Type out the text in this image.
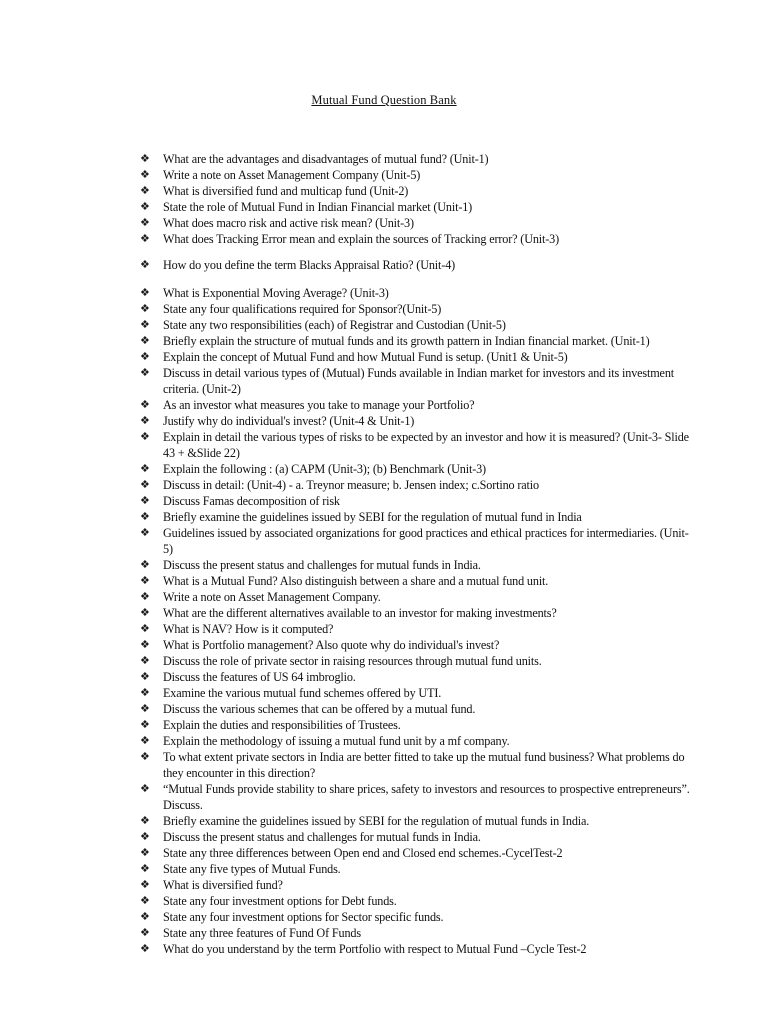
Mutual Fund Question Bank
❖ What are the advantages and disadvantages of mutual fund? (Unit-1)
❖ Write a note on Asset Management Company (Unit-5)
❖ What is diversified fund and multicap fund (Unit-2)
❖ State the role of Mutual Fund in Indian Financial market (Unit-1)
❖ What does macro risk and active risk mean? (Unit-3)
❖ What does Tracking Error mean and explain the sources of Tracking error? (Unit-3)
❖ How do you define the term Blacks Appraisal Ratio? (Unit-4)
❖ What is Exponential Moving Average? (Unit-3)
❖ State any four qualifications required for Sponsor?(Unit-5)
❖ State any two responsibilities (each) of Registrar and Custodian (Unit-5)
❖ Briefly explain the structure of mutual funds and its growth pattern in Indian financial market. (Unit-1)
❖ Explain the concept of Mutual Fund and how Mutual Fund is setup. (Unit1 & Unit-5)
❖ Discuss in detail various types of (Mutual) Funds available in Indian market for investors and its investment criteria. (Unit-2)
❖ As an investor what measures you take to manage your Portfolio?
❖ Justify why do individual's invest? (Unit-4 & Unit-1)
❖ Explain in detail the various types of risks to be expected by an investor and how it is measured? (Unit-3- Slide 43 + &Slide 22)
❖ Explain the following : (a) CAPM (Unit-3); (b) Benchmark (Unit-3)
❖ Discuss in detail: (Unit-4) - a. Treynor measure; b. Jensen index; c.Sortino ratio
❖ Discuss Famas decomposition of risk
❖ Briefly examine the guidelines issued by SEBI for the regulation of mutual fund in India
❖ Guidelines issued by associated organizations for good practices and ethical practices for intermediaries. (Unit-5)
❖ Discuss the present status and challenges for mutual funds in India.
❖ What is a Mutual Fund? Also distinguish between a share and a mutual fund unit.
❖ Write a note on Asset Management Company.
❖ What are the different alternatives available to an investor for making investments?
❖ What is NAV? How is it computed?
❖ What is Portfolio management? Also quote why do individual's invest?
❖ Discuss the role of private sector in raising resources through mutual fund units.
❖ Discuss the features of US 64 imbroglio.
❖ Examine the various mutual fund schemes offered by UTI.
❖ Discuss the various schemes that can be offered by a mutual fund.
❖ Explain the duties and responsibilities of Trustees.
❖ Explain the methodology of issuing a mutual fund unit by a mf company.
❖ To what extent private sectors in India are better fitted to take up the mutual fund business? What problems do they encounter in this direction?
❖ “Mutual Funds provide stability to share prices, safety to investors and resources to prospective entrepreneurs”. Discuss.
❖ Briefly examine the guidelines issued by SEBI for the regulation of mutual funds in India.
❖ Discuss the present status and challenges for mutual funds in India.
❖ State any three differences between Open end and Closed end schemes.-CycelTest-2
❖ State any five types of Mutual Funds.
❖ What is diversified fund?
❖ State any four investment options for Debt funds.
❖ State any four investment options for Sector specific funds.
❖ State any three features of Fund Of Funds
❖ What do you understand by the term Portfolio with respect to Mutual Fund –Cycle Test-2
